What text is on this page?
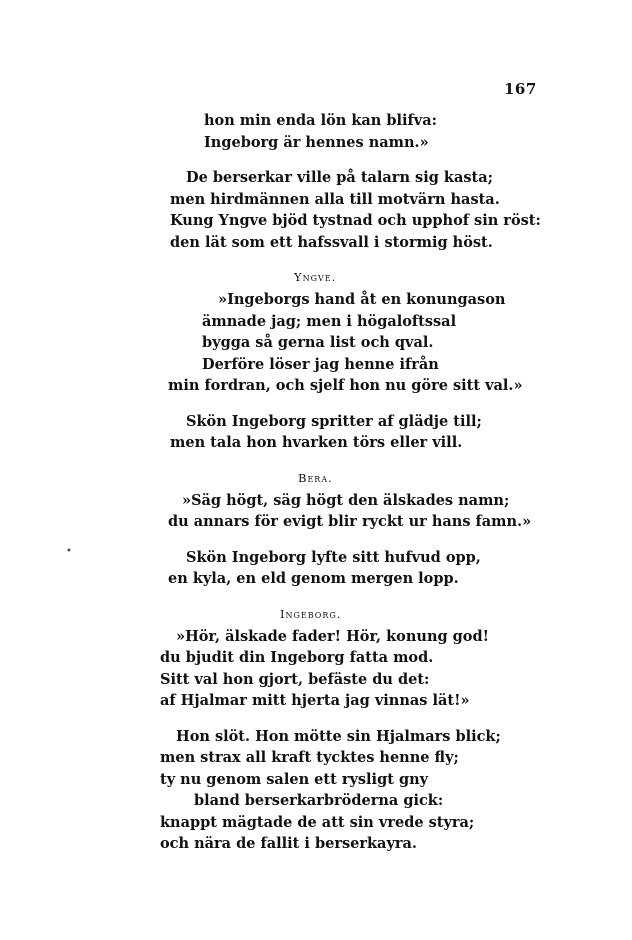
167
•
hon min enda lön kan blifva:
Ingeborg är hennes namn.»
De berserkar ville på talarn sig kasta;
men hirdmännen alla till motvärn hasta.
Kung Yngve bjöd tystnad och upphof sin röst:
den lät som ett hafssvall i stormig höst.
Yngve.
»Ingeborgs hand åt en konungason
ämnade jag; men i högaloftssal
bygga så gerna list och qval.
Derföre löser jag henne ifrån
min fordran, och sjelf hon nu göre sitt val.»
Skön Ingeborg spritter af glädje till;
men tala hon hvarken törs eller vill.
Bera.
»Säg högt, säg högt den älskades namn;
du annars för evigt blir ryckt ur hans famn.»
Skön Ingeborg lyfte sitt hufvud opp,
en kyla, en eld genom mergen lopp.
Ingeborg.
»Hör, älskade fader! Hör, konung god!
du bjudit din Ingeborg fatta mod.
Sitt val hon gjort, befäste du det:
af Hjalmar mitt hjerta jag vinnas lät!»
Hon slöt. Hon mötte sin Hjalmars blick;
men strax all kraft tycktes henne fly;
ty nu genom salen ett rysligt gny
bland berserkarbröderna gick:
knappt mägtade de att sin vrede styra;
och nära de fallit i berserkayra.
